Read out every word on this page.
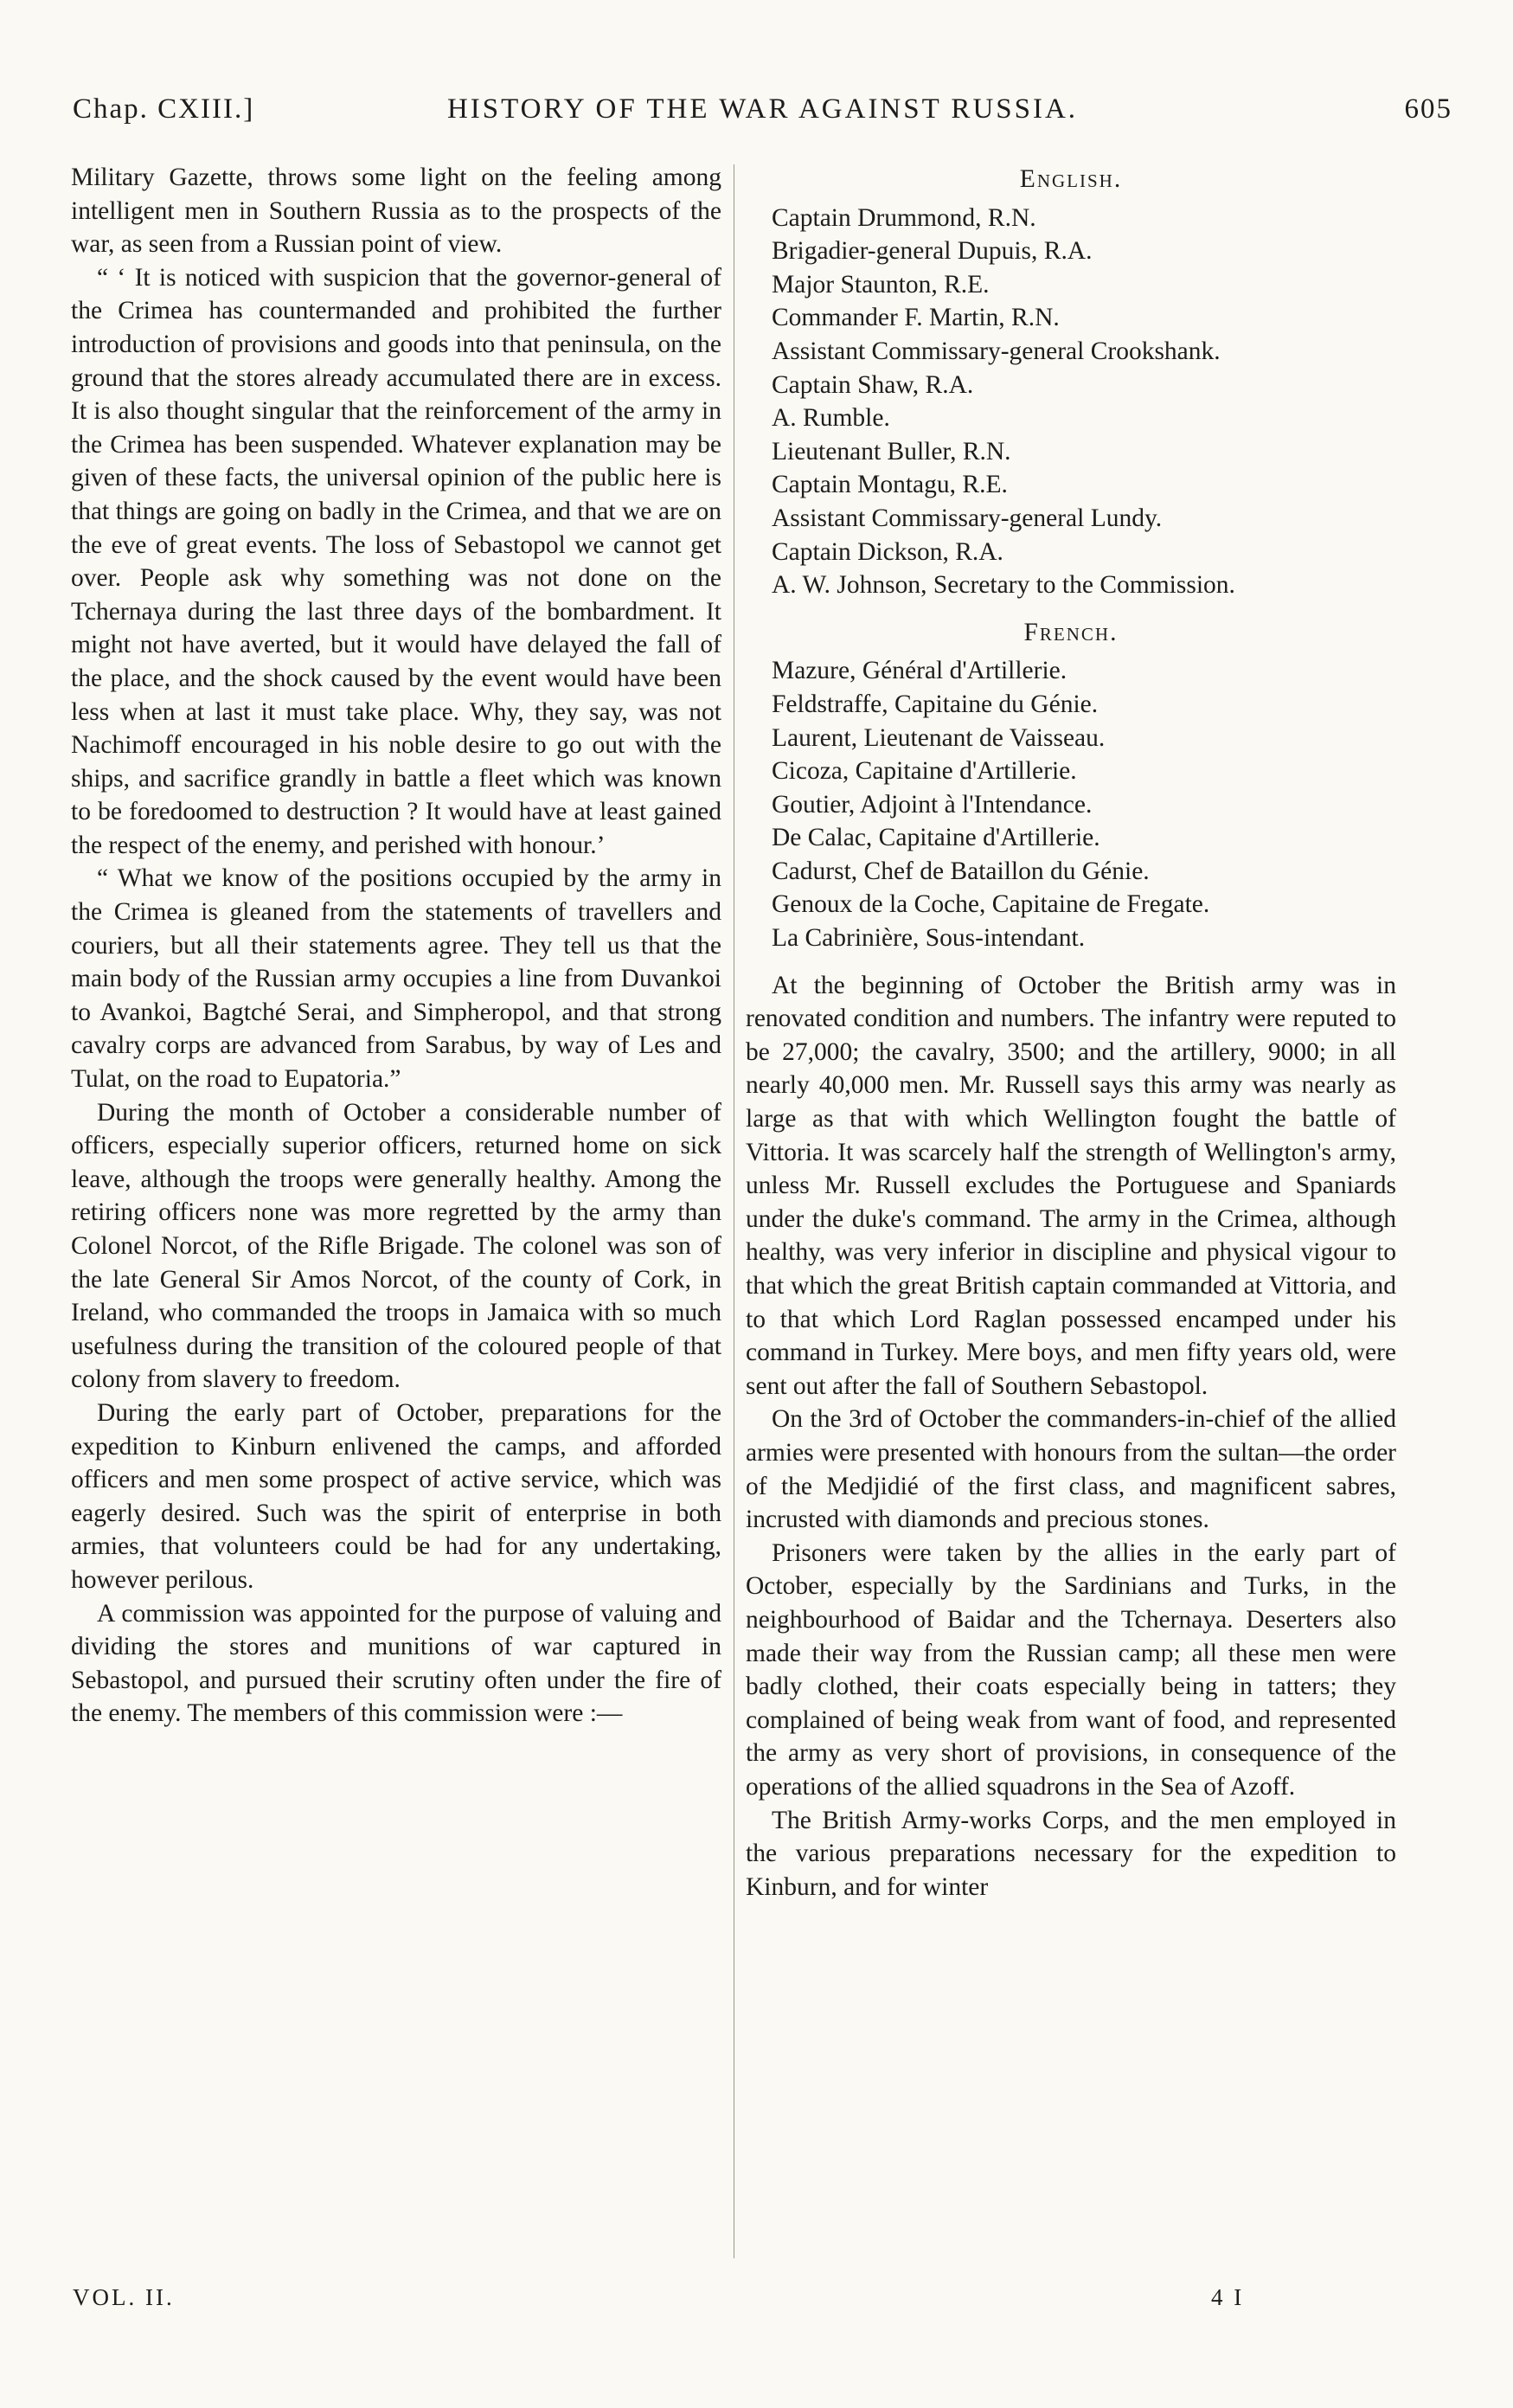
Chap. CXIII.]	HISTORY OF THE WAR AGAINST RUSSIA.	605

Military Gazette, throws some light on the feeling among intelligent men in Southern Russia as to the prospects of the war, as seen from a Russian point of view.

“ ‘ It is noticed with suspicion that the governor-general of the Crimea has countermanded and prohibited the further introduction of provisions and goods into that peninsula, on the ground that the stores already accumulated there are in excess. It is also thought singular that the reinforcement of the army in the Crimea has been suspended. Whatever explanation may be given of these facts, the universal opinion of the public here is that things are going on badly in the Crimea, and that we are on the eve of great events. The loss of Sebastopol we cannot get over. People ask why something was not done on the Tchernaya during the last three days of the bombardment. It might not have averted, but it would have delayed the fall of the place, and the shock caused by the event would have been less when at last it must take place. Why, they say, was not Nachimoff encouraged in his noble desire to go out with the ships, and sacrifice grandly in battle a fleet which was known to be foredoomed to destruction ? It would have at least gained the respect of the enemy, and perished with honour.’

“ What we know of the positions occupied by the army in the Crimea is gleaned from the statements of travellers and couriers, but all their statements agree. They tell us that the main body of the Russian army occupies a line from Duvankoi to Avankoi, Bagtché Serai, and Simpheropol, and that strong cavalry corps are advanced from Sarabus, by way of Les and Tulat, on the road to Eupatoria.”

During the month of October a considerable number of officers, especially superior officers, returned home on sick leave, although the troops were generally healthy. Among the retiring officers none was more regretted by the army than Colonel Norcot, of the Rifle Brigade. The colonel was son of the late General Sir Amos Norcot, of the county of Cork, in Ireland, who commanded the troops in Jamaica with so much usefulness during the transition of the coloured people of that colony from slavery to freedom.

During the early part of October, preparations for the expedition to Kinburn enlivened the camps, and afforded officers and men some prospect of active service, which was eagerly desired. Such was the spirit of enterprise in both armies, that volunteers could be had for any undertaking, however perilous.

A commission was appointed for the purpose of valuing and dividing the stores and munitions of war captured in Sebastopol, and pursued their scrutiny often under the fire of the enemy. The members of this commission were :—

English.
Captain Drummond, R.N.
Brigadier-general Dupuis, R.A.
Major Staunton, R.E.
Commander F. Martin, R.N.
Assistant Commissary-general Crookshank.
Captain Shaw, R.A.
A. Rumble.
Lieutenant Buller, R.N.
Captain Montagu, R.E.
Assistant Commissary-general Lundy.
Captain Dickson, R.A.
A. W. Johnson, Secretary to the Commission.
French.
Mazure, Général d'Artillerie.
Feldstraffe, Capitaine du Génie.
Laurent, Lieutenant de Vaisseau.
Cicoza, Capitaine d'Artillerie.
Goutier, Adjoint à l'Intendance.
De Calac, Capitaine d'Artillerie.
Cadurst, Chef de Bataillon du Génie.
Genoux de la Coche, Capitaine de Fregate.
La Cabrinière, Sous-intendant.

At the beginning of October the British army was in renovated condition and numbers. The infantry were reputed to be 27,000; the cavalry, 3500; and the artillery, 9000; in all nearly 40,000 men. Mr. Russell says this army was nearly as large as that with which Wellington fought the battle of Vittoria. It was scarcely half the strength of Wellington's army, unless Mr. Russell excludes the Portuguese and Spaniards under the duke's command. The army in the Crimea, although healthy, was very inferior in discipline and physical vigour to that which the great British captain commanded at Vittoria, and to that which Lord Raglan possessed encamped under his command in Turkey. Mere boys, and men fifty years old, were sent out after the fall of Southern Sebastopol.

On the 3rd of October the commanders-in-chief of the allied armies were presented with honours from the sultan—the order of the Medjidié of the first class, and magnificent sabres, incrusted with diamonds and precious stones.

Prisoners were taken by the allies in the early part of October, especially by the Sardinians and Turks, in the neighbourhood of Baidar and the Tchernaya. Deserters also made their way from the Russian camp; all these men were badly clothed, their coats especially being in tatters; they complained of being weak from want of food, and represented the army as very short of provisions, in consequence of the operations of the allied squadrons in the Sea of Azoff.

The British Army-works Corps, and the men employed in the various preparations necessary for the expedition to Kinburn, and for winter

VOL. II.	4 I
